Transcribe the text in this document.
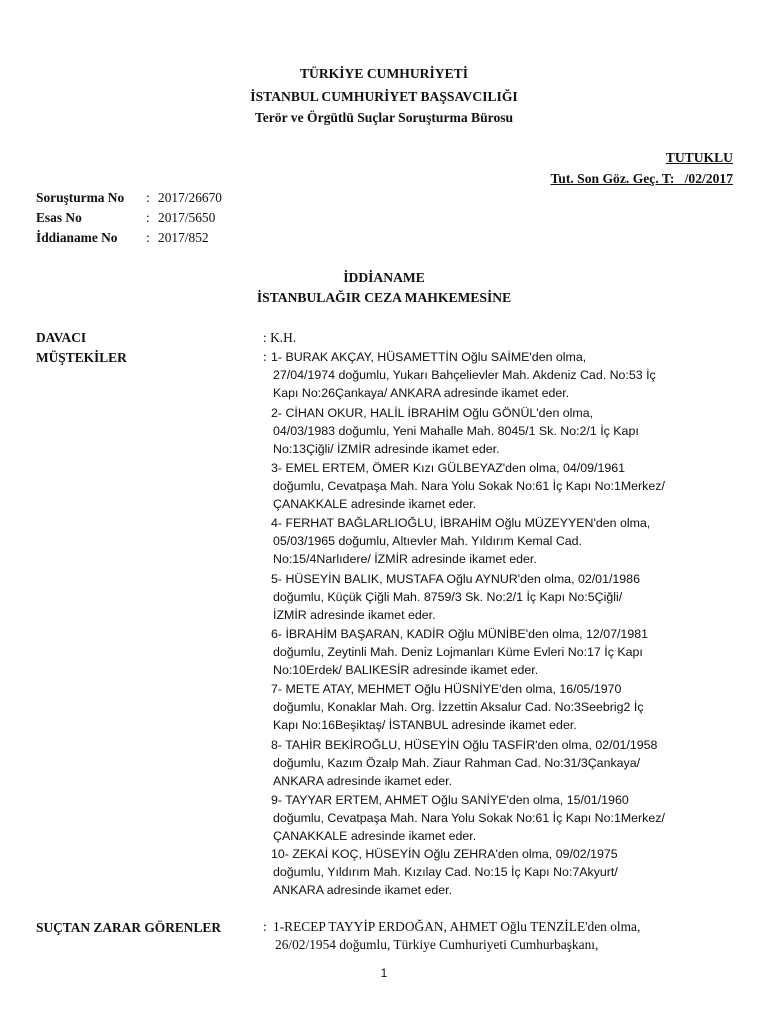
TÜRKİYE CUMHURİYETİ
İSTANBUL CUMHURİYET BAŞSAVCILIĞI
Terör ve Örgütlü Suçlar Soruşturma Bürosu
TUTUKLU
Tut. Son Göz. Geç. T:   /02/2017
Soruşturma No : 2017/26670
Esas No	: 2017/5650
İddianame No : 2017/852
İDDİANAME
İSTANBULAĞIR CEZA MAHKEMESİNE
DAVACI	: K.H.
MÜŞTEKİLER	: 1- BURAK AKÇAY, HÜSAMETTİN Oğlu SAİME'den olma,
27/04/1974 doğumlu, Yukarı Bahçelievler Mah. Akdeniz Cad. No:53 İç
Kapı No:26Çankaya/ ANKARA adresinde ikamet eder.
2- CİHAN OKUR, HALİL İBRAHİM Oğlu GÖNÜL'den olma,
04/03/1983 doğumlu, Yeni Mahalle Mah. 8045/1 Sk. No:2/1 İç Kapı
No:13Çiğli/ İZMİR adresinde ikamet eder.
3- EMEL ERTEM, ÖMER Kızı GÜLBEYAZ'den olma, 04/09/1961
doğumlu, Cevatpaşa Mah. Nara Yolu Sokak No:61 İç Kapı No:1Merkez/
ÇANAKKALE adresinde ikamet eder.
4- FERHAT BAĞLARLIOĞLU, İBRAHİM Oğlu MÜZEYYEN'den olma,
05/03/1965 doğumlu, Altıevler Mah. Yıldırım Kemal Cad.
No:15/4Narlıdere/ İZMİR adresinde ikamet eder.
5- HÜSEYİN BALIK, MUSTAFA Oğlu AYNUR'den olma, 02/01/1986
doğumlu, Küçük Çiğli Mah. 8759/3 Sk. No:2/1 İç Kapı No:5Çiğli/
İZMİR adresinde ikamet eder.
6- İBRAHİM BAŞARAN, KADİR Oğlu MÜNİBE'den olma, 12/07/1981
doğumlu, Zeytinli Mah. Deniz Lojmanları Küme Evleri No:17 İç Kapı
No:10Erdek/ BALIKESİR adresinde ikamet eder.
7- METE ATAY, MEHMET Oğlu HÜSNİYE'den olma, 16/05/1970
doğumlu, Konaklar Mah. Org. İzzettin Aksalur Cad. No:3Seebrig2 İç
Kapı No:16Beşiktaş/ İSTANBUL adresinde ikamet eder.
8- TAHİR BEKİROĞLU, HÜSEYİN Oğlu TASFİR'den olma, 02/01/1958
doğumlu, Kazım Özalp Mah. Ziaur Rahman Cad. No:31/3Çankaya/
ANKARA adresinde ikamet eder.
9- TAYYAR ERTEM, AHMET Oğlu SANİYE'den olma, 15/01/1960
doğumlu, Cevatpaşa Mah. Nara Yolu Sokak No:61 İç Kapı No:1Merkez/
ÇANAKKALE adresinde ikamet eder.
10- ZEKAİ KOÇ, HÜSEYİN Oğlu ZEHRA'den olma, 09/02/1975
doğumlu, Yıldırım Mah. Kızılay Cad. No:15 İç Kapı No:7Akyurt/
ANKARA adresinde ikamet eder.
SUÇTAN ZARAR GÖRENLER	: 1-RECEP TAYYİP ERDOĞAN, AHMET Oğlu TENZİLE'den olma,
26/02/1954 doğumlu, Türkiye Cumhuriyeti Cumhurbaşkanı,
1
